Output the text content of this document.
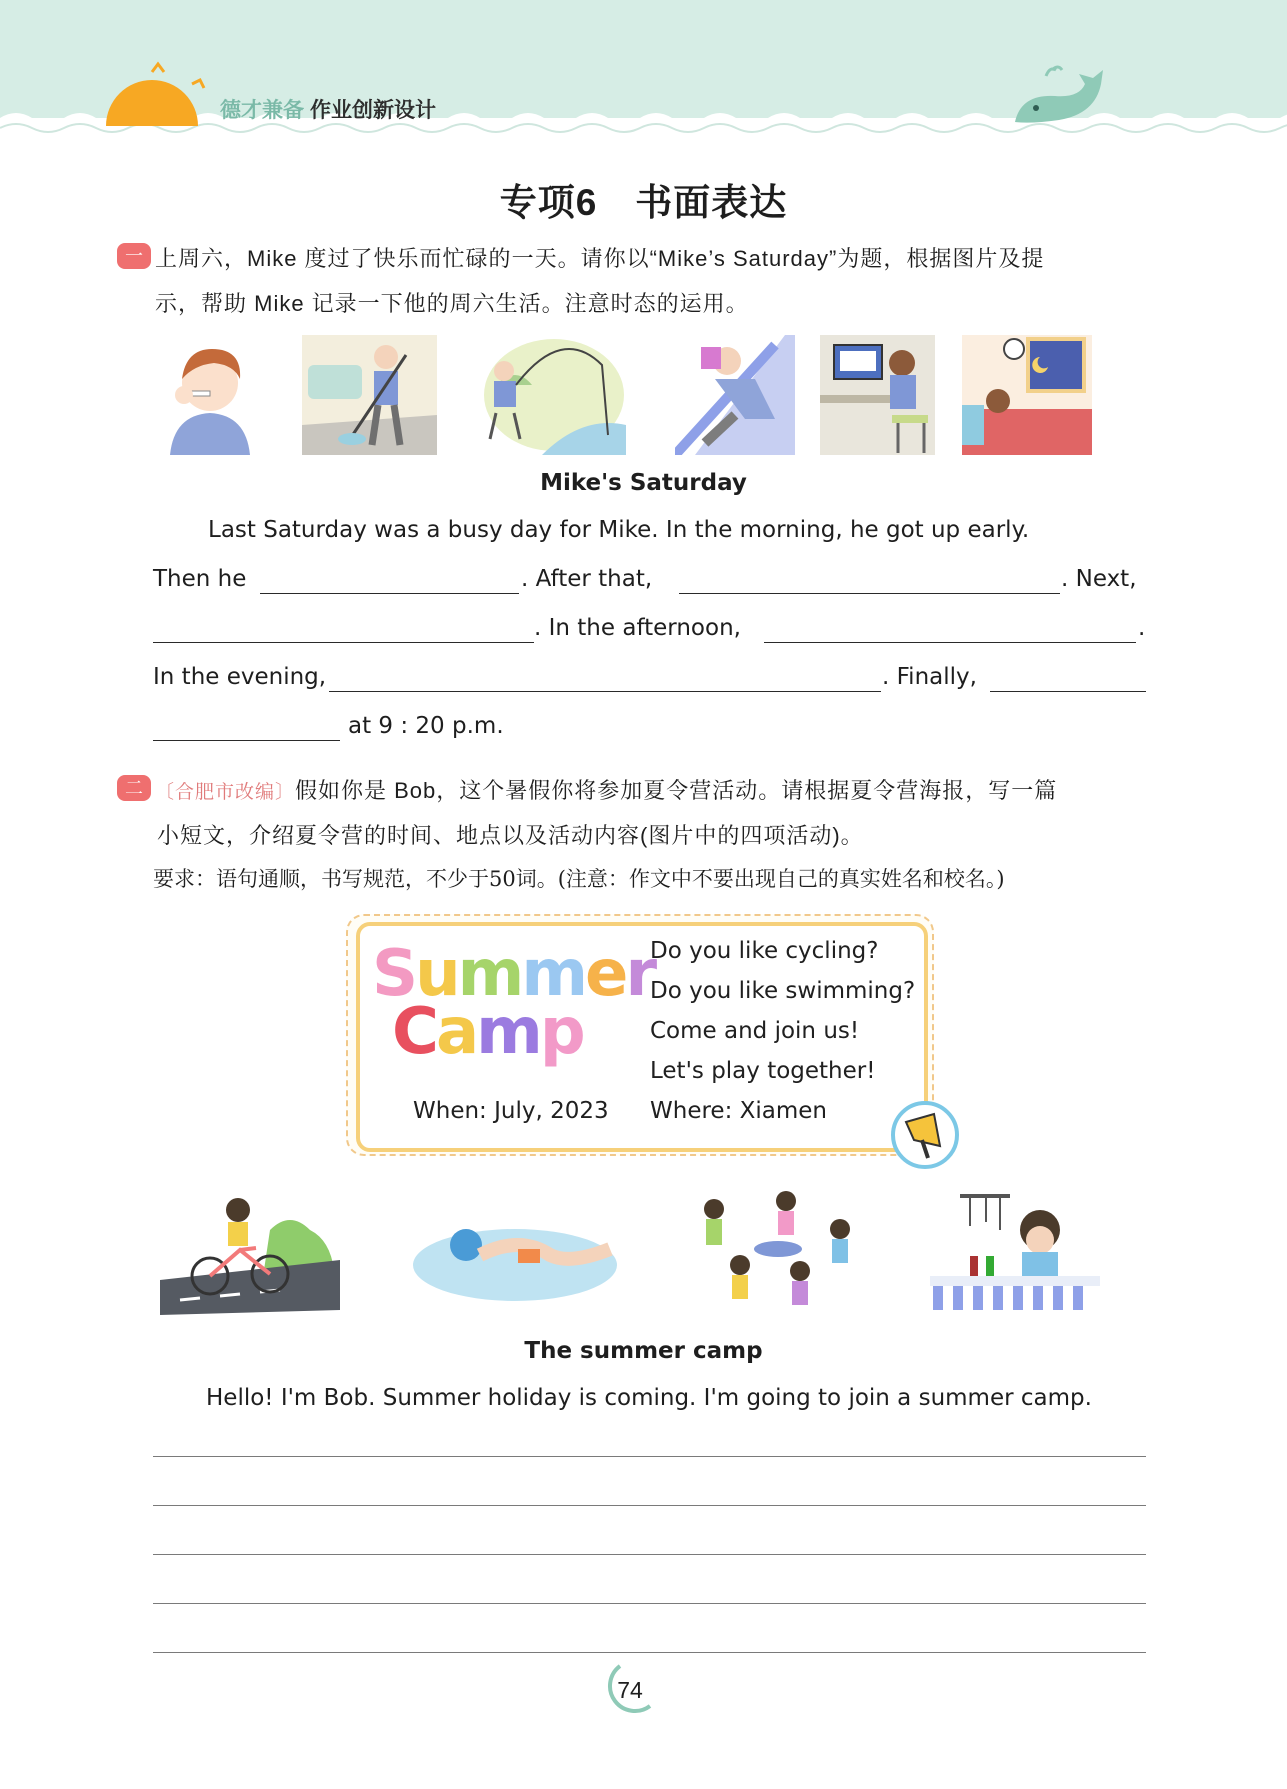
德才兼备 作业创新设计
专项6　书面表达
一 上周六，Mike 度过了快乐而忙碌的一天。请你以“Mike’s Saturday”为题，根据图片及提
示，帮助 Mike 记录一下他的周六生活。注意时态的运用。
Mike's Saturday
Last Saturday was a busy day for Mike. In the morning, he got up early.
Then he	. After that,	. Next,
. In the afternoon,	.
In the evening,	. Finally,
at 9 : 20 p.m.
二 〔合肥市改编〕假如你是 Bob，这个暑假你将参加夏令营活动。请根据夏令营海报，写一篇
小短文，介绍夏令营的时间、地点以及活动内容(图片中的四项活动)。
要求：语句通顺，书写规范，不少于50词。(注意：作文中不要出现自己的真实姓名和校名。)
Summer
Camp
Do you like cycling?
Do you like swimming?
Come and join us!
Let's play together!
When: July, 2023 Where: Xiamen
The summer camp
Hello! I'm Bob. Summer holiday is coming. I'm going to join a summer camp.
74
